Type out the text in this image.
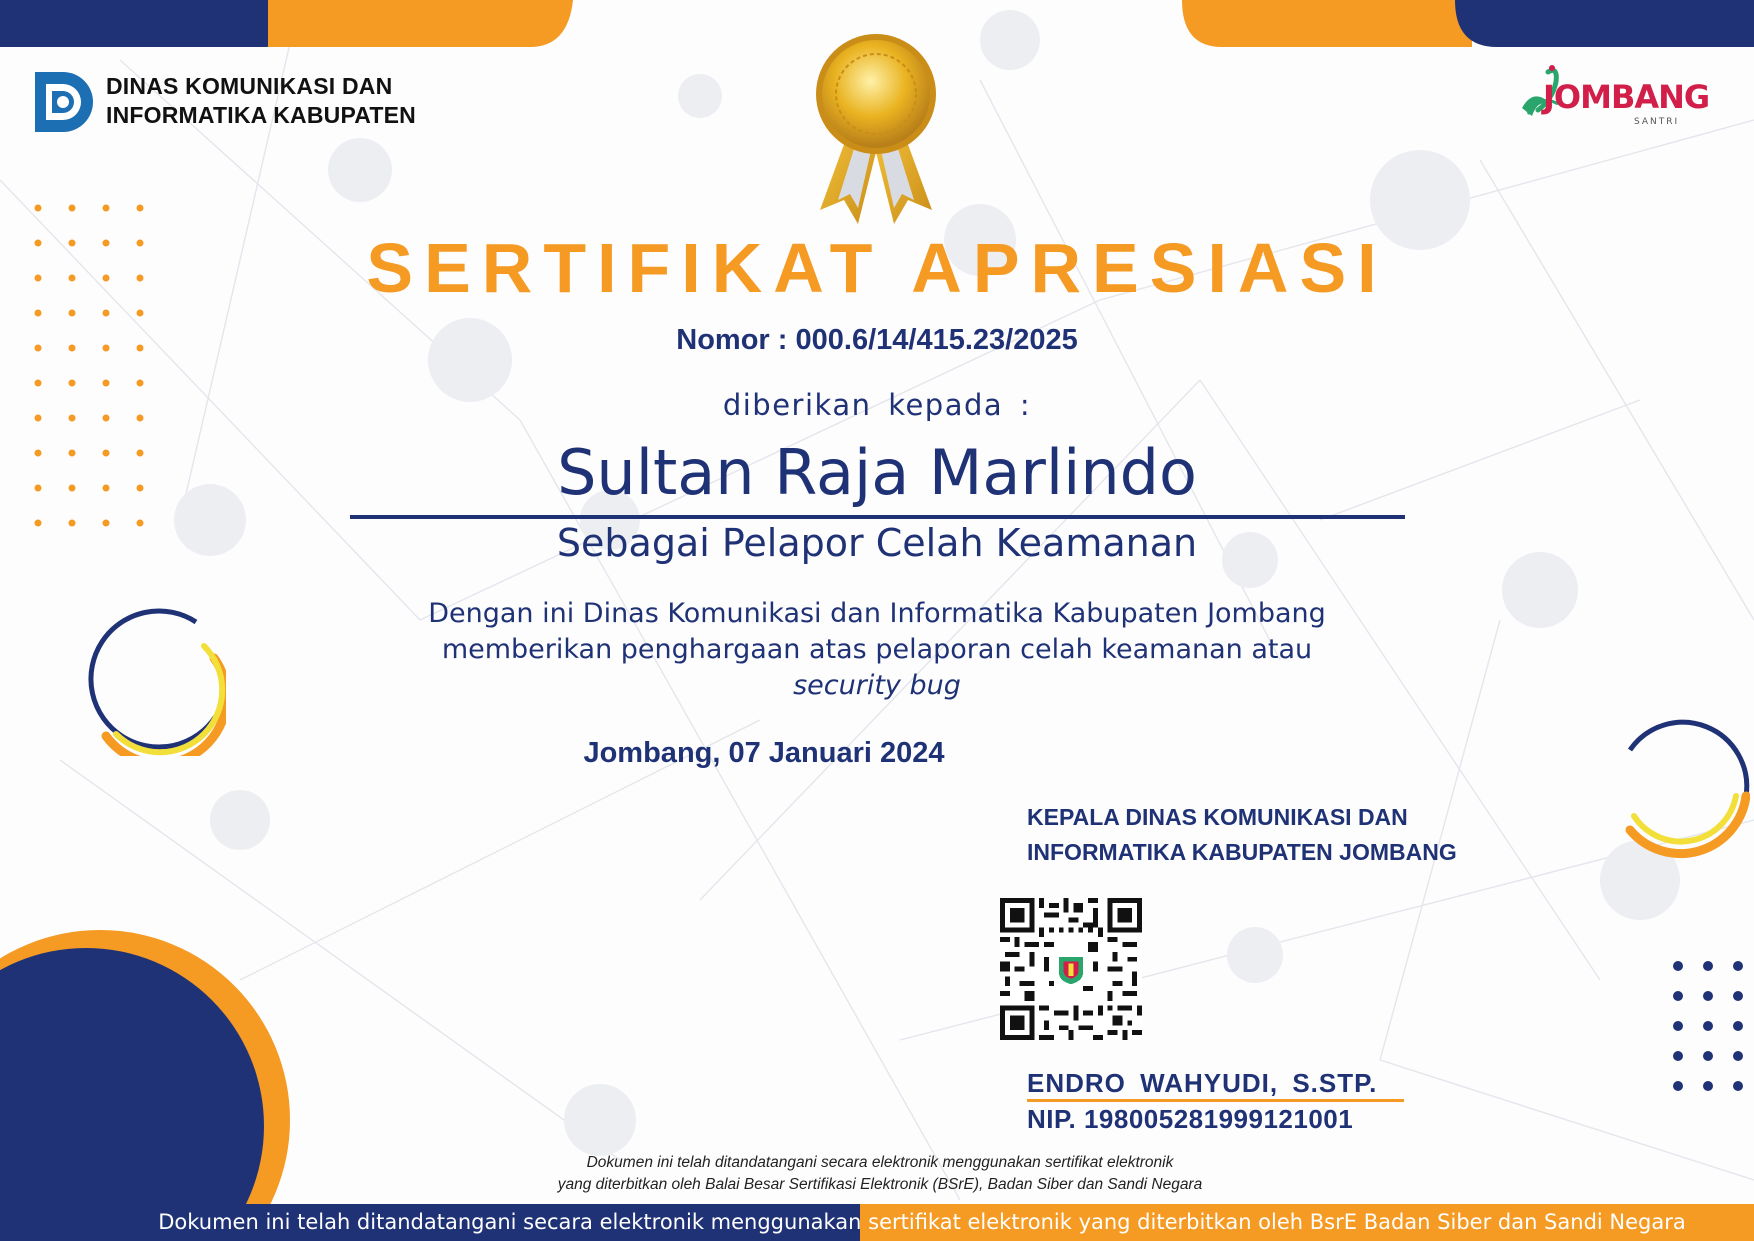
DINAS KOMUNIKASI DAN
INFORMATIKA KABUPATEN	JOMBANG
SANTRI
SERTIFIKAT APRESIASI
Nomor : 000.6/14/415.23/2025
diberikan kepada :
Sultan Raja Marlindo
Sebagai Pelapor Celah Keamanan
Dengan ini Dinas Komunikasi dan Informatika Kabupaten Jombang
memberikan penghargaan atas pelaporan celah keamanan atau
security bug
Jombang, 07 Januari 2024
KEPALA DINAS KOMUNIKASI DAN
INFORMATIKA KABUPATEN JOMBANG
ENDRO WAHYUDI, S.STP.
NIP. 198005281999121001
Dokumen ini telah ditandatangani secara elektronik menggunakan sertifikat elektronik
yang diterbitkan oleh Balai Besar Sertifikasi Elektronik (BSrE), Badan Siber dan Sandi Negara
Dokumen ini telah ditandatangani secara elektronik menggunakan sertifikat elektronik yang diterbitkan oleh BsrE Badan Siber dan Sandi Negara
